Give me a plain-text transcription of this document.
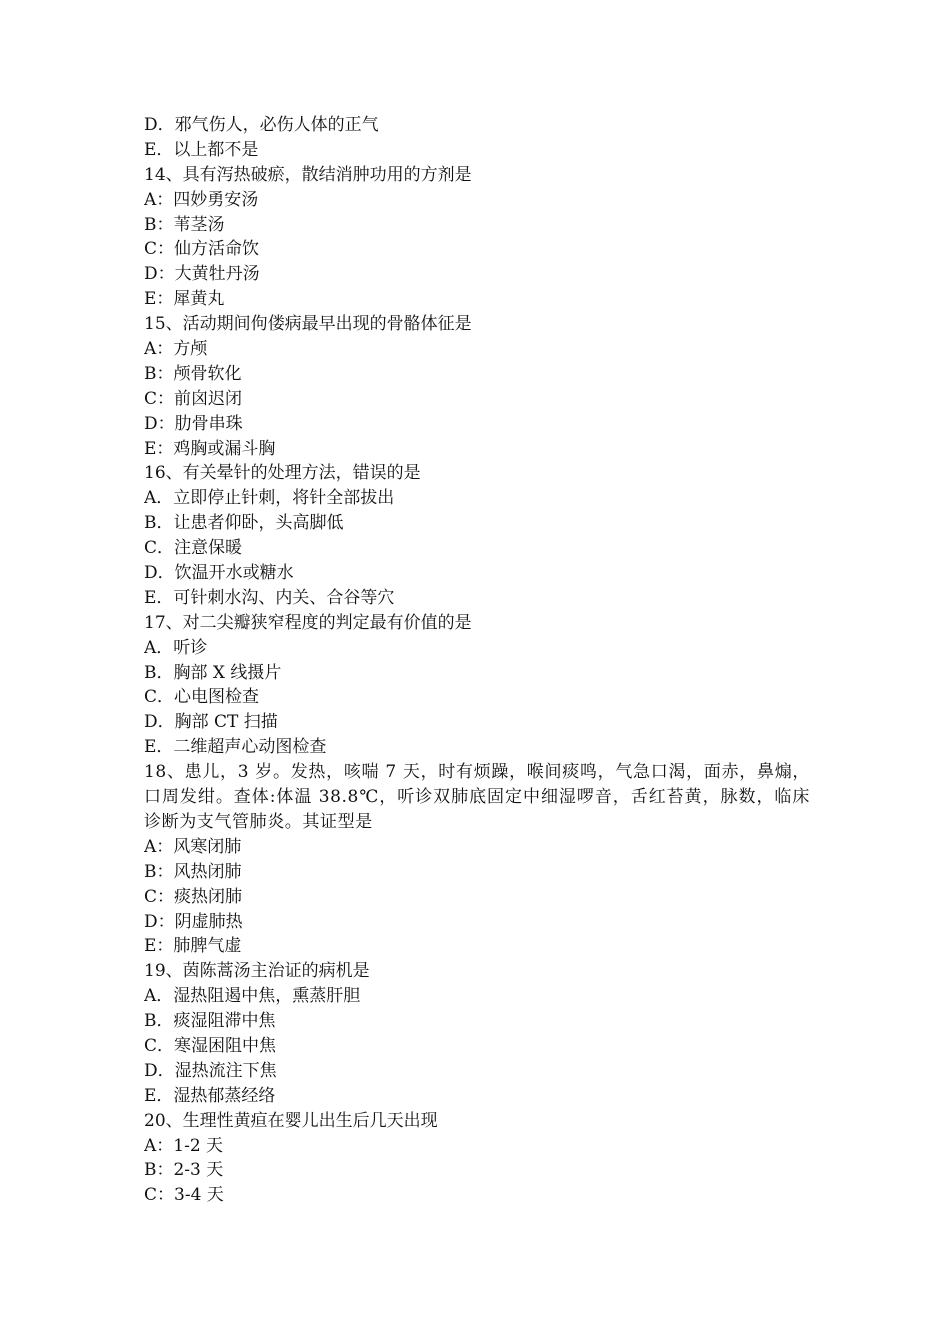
D．邪气伤人，必伤人体的正气
E．以上都不是
14、具有泻热破瘀，散结消肿功用的方剂是
A：四妙勇安汤
B：苇茎汤
C：仙方活命饮
D：大黄牡丹汤
E：犀黄丸
15、活动期间佝偻病最早出现的骨骼体征是
A：方颅
B：颅骨软化
C：前囟迟闭
D：肋骨串珠
E：鸡胸或漏斗胸
16、有关晕针的处理方法，错误的是
A．立即停止针刺，将针全部拔出
B．让患者仰卧，头高脚低
C．注意保暖
D．饮温开水或糖水
E．可针刺水沟、内关、合谷等穴
17、对二尖瓣狭窄程度的判定最有价值的是
A．听诊
B．胸部 X 线摄片
C．心电图检查
D．胸部 CT 扫描
E．二维超声心动图检查
18、患儿，3 岁。发热，咳喘 7 天，时有烦躁，喉间痰鸣，气急口渴，面赤，鼻煽，口周发绀。查体:体温 38.8℃，听诊双肺底固定中细湿啰音，舌红苔黄，脉数，临床诊断为支气管肺炎。其证型是
A：风寒闭肺
B：风热闭肺
C：痰热闭肺
D：阴虚肺热
E：肺脾气虚
19、茵陈蒿汤主治证的病机是
A．湿热阻遏中焦，熏蒸肝胆
B．痰湿阻滞中焦
C．寒湿困阻中焦
D．湿热流注下焦
E．湿热郁蒸经络
20、生理性黄疸在婴儿出生后几天出现
A：1-2 天
B：2-3 天
C：3-4 天
